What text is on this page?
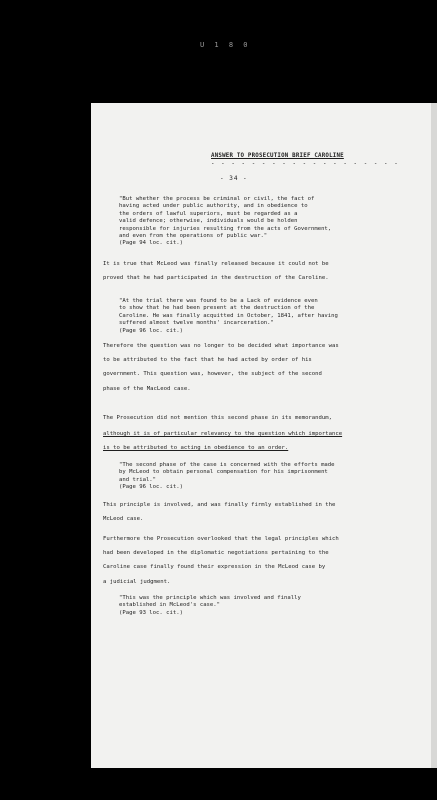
U 1 8 0
ANSWER TO PROSECUTION BRIEF CAROLINE
- - - - - - - - - - - - - - - - - - -
- 34 -
"But whether the process be criminal or civil, the fact of
having acted under public authority, and in obedience to
the orders of lawful superiors, must be regarded as a
valid defence; otherwise, individuals would be holden
responsible for injuries resulting from the acts of Government,
and even from the operations of public war."
(Page 94 loc. cit.)
It is true that McLeod was finally released because it could not be
proved that he had participated in the destruction of the Caroline.
"At the trial there was found to be a Lack of evidence even
to show that he had been present at the destruction of the
Caroline. He was finally acquitted in October, 1841, after having
suffered almost twelve months' incarceration."
(Page 96 loc. cit.)
Therefore the question was no longer to be decided what importance was
to be attributed to the fact that he had acted by order of his
government. This question was, however, the subject of the second
phase of the MacLeod case.
The Prosecution did not mention this second phase in its memorandum,
although it is of particular relevancy to the question which importance
is to be attributed to acting in obedience to an order.
"The second phase of the case is concerned with the efforts made
by McLeod to obtain personal compensation for his imprisonment
and trial."
(Page 96 loc. cit.)
This principle is involved, and was finally firmly established in the
McLeod case.
Furthermore the Prosecution overlooked that the legal principles which
had been developed in the diplomatic negotiations pertaining to the
Caroline case finally found their expression in the McLeod case by
a judicial judgment.
"This was the principle which was involved and finally
established in McLeod's case."
(Page 93 loc. cit.)
